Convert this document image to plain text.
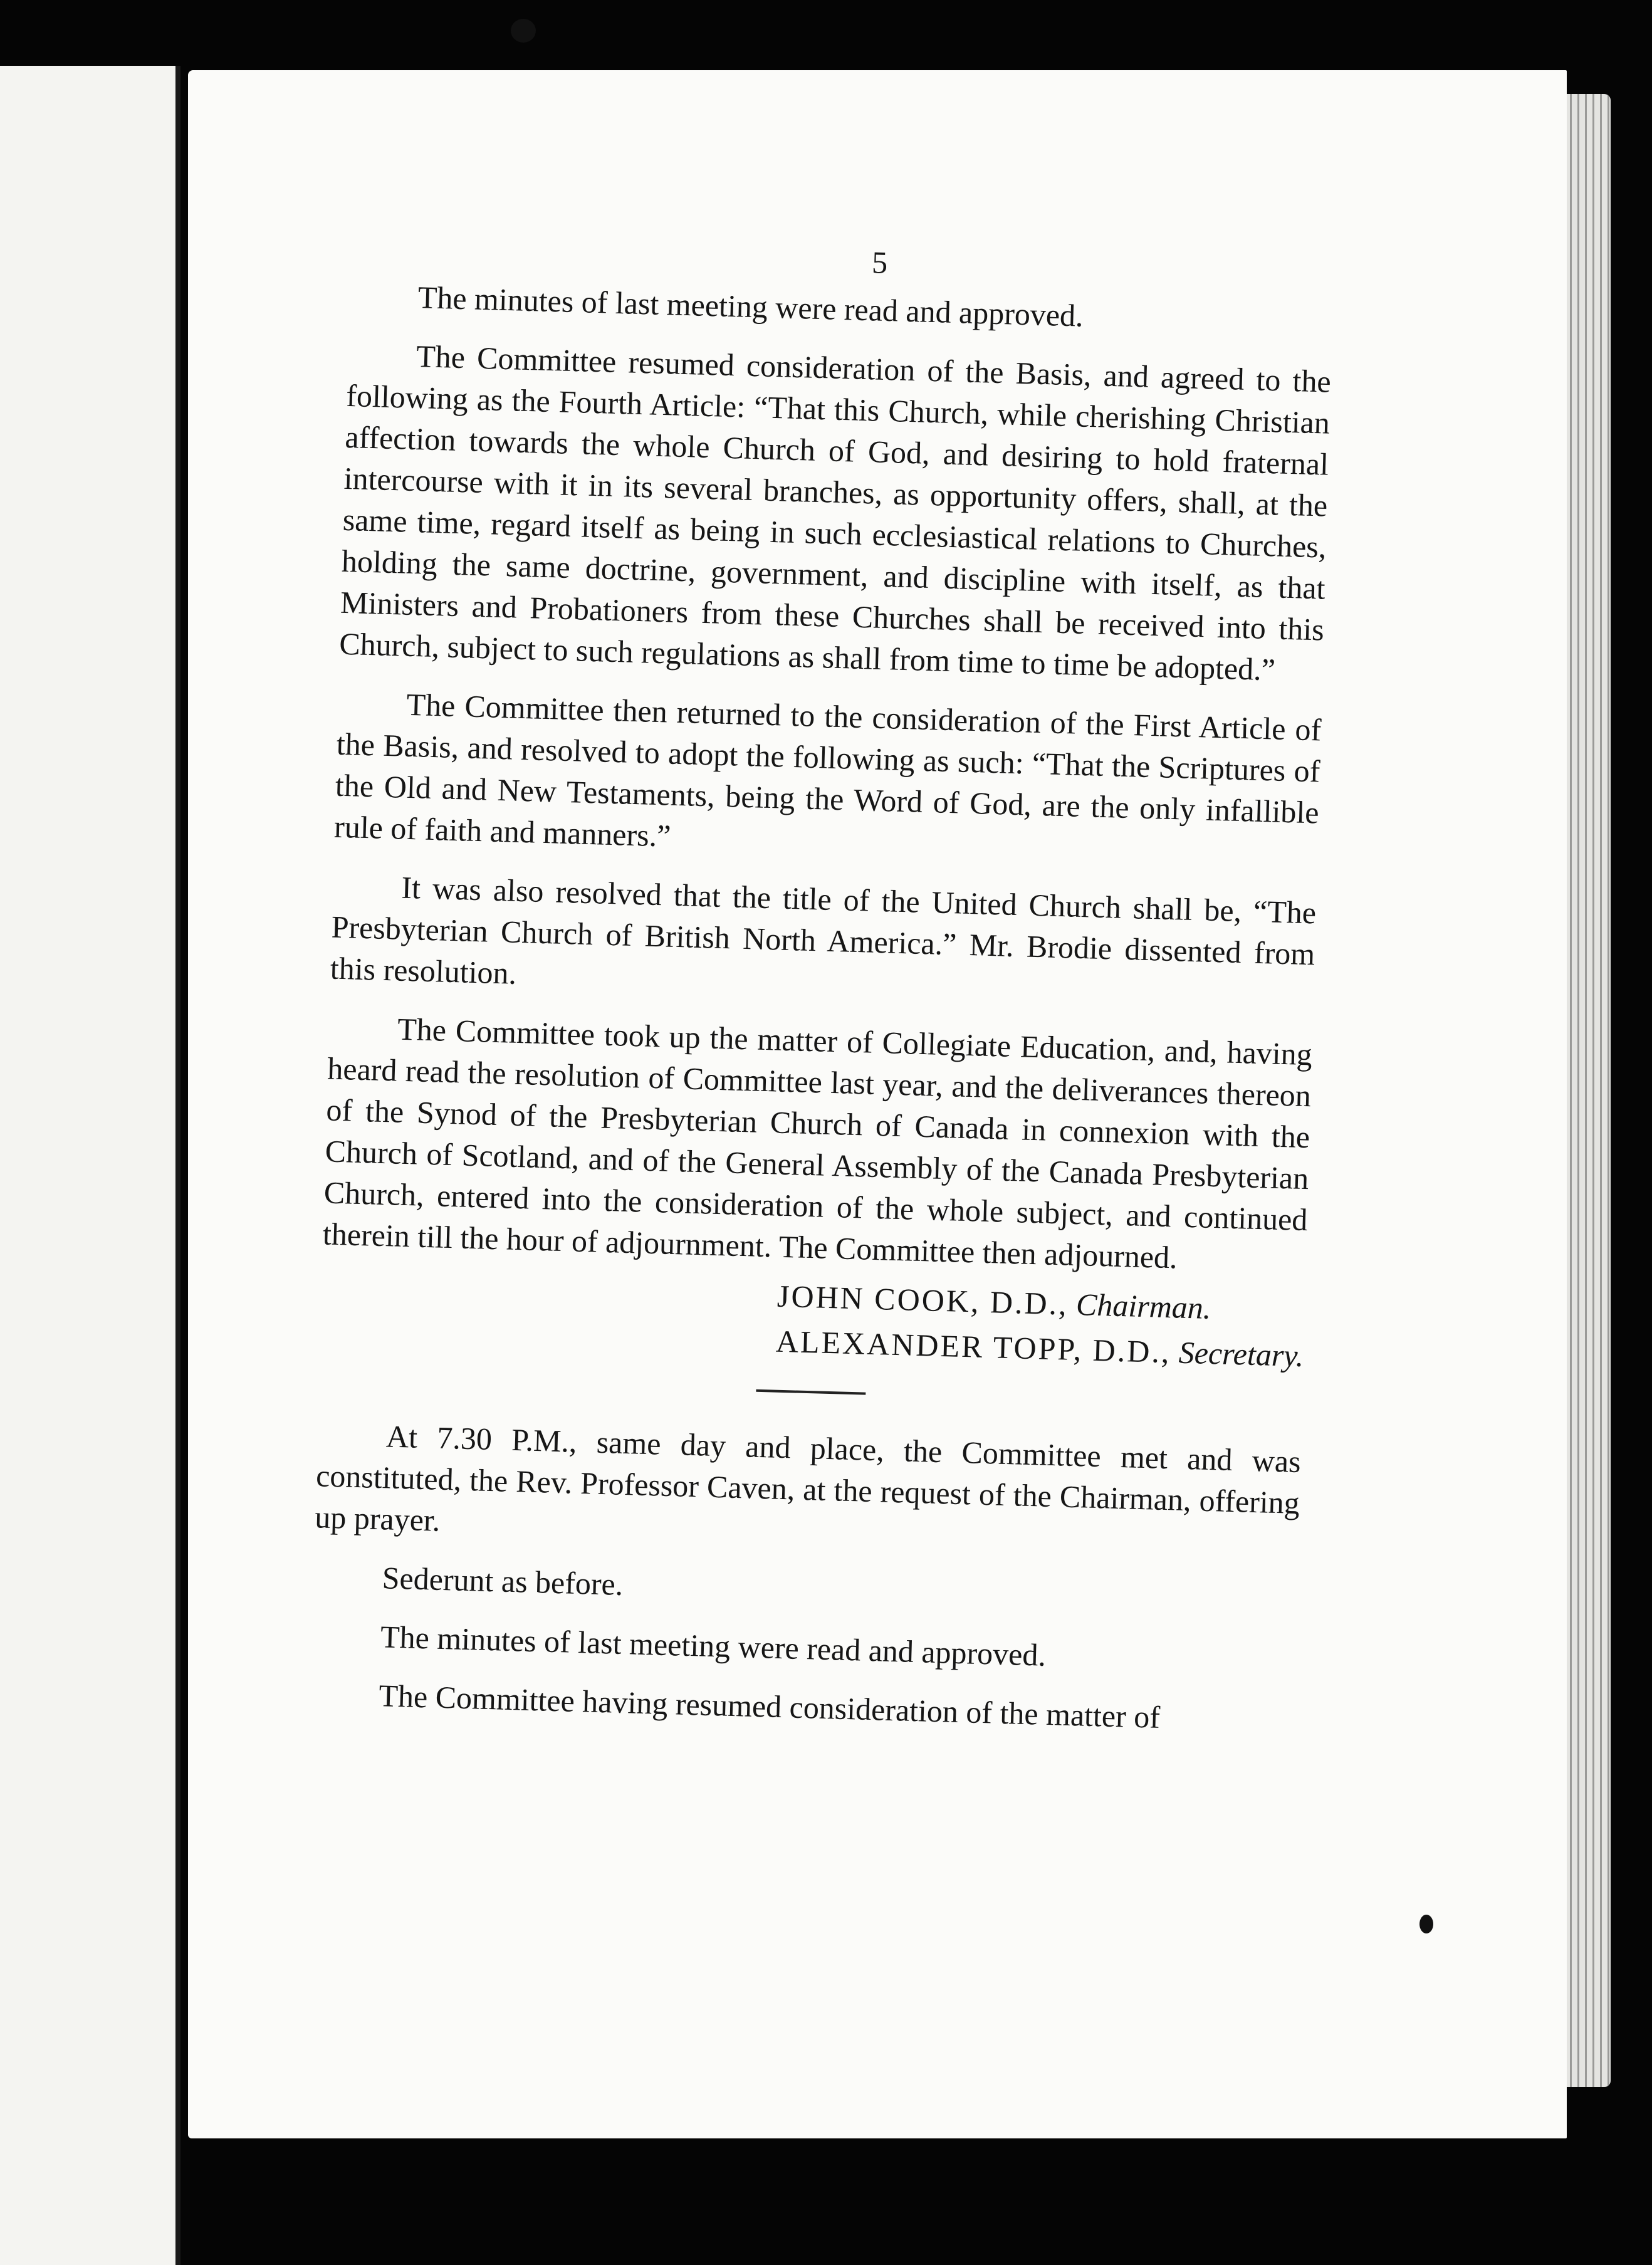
5

The minutes of last meeting were read and approved.

The Committee resumed consideration of the Basis, and agreed to the following as the Fourth Article: “That this Church, while cherishing Christian affection towards the whole Church of God, and desiring to hold fraternal intercourse with it in its several branches, as opportunity offers, shall, at the same time, regard itself as being in such ecclesiastical relations to Churches, holding the same doctrine, government, and discipline with itself, as that Ministers and Probationers from these Churches shall be received into this Church, subject to such regulations as shall from time to time be adopted.”

The Committee then returned to the consideration of the First Article of the Basis, and resolved to adopt the following as such: “That the Scriptures of the Old and New Testaments, being the Word of God, are the only infallible rule of faith and manners.”

It was also resolved that the title of the United Church shall be, “The Presbyterian Church of British North America.” Mr. Brodie dissented from this resolution.

The Committee took up the matter of Collegiate Education, and, having heard read the resolution of Committee last year, and the deliverances thereon of the Synod of the Presbyterian Church of Canada in connexion with the Church of Scotland, and of the General Assembly of the Canada Presbyterian Church, entered into the consideration of the whole subject, and continued therein till the hour of adjournment. The Committee then adjourned.

JOHN COOK, D.D., Chairman.
ALEXANDER TOPP, D.D., Secretary.

At 7.30 P.M., same day and place, the Committee met and was constituted, the Rev. Professor Caven, at the request of the Chairman, offering up prayer.

Sederunt as before.

The minutes of last meeting were read and approved.

The Committee having resumed consideration of the matter of
